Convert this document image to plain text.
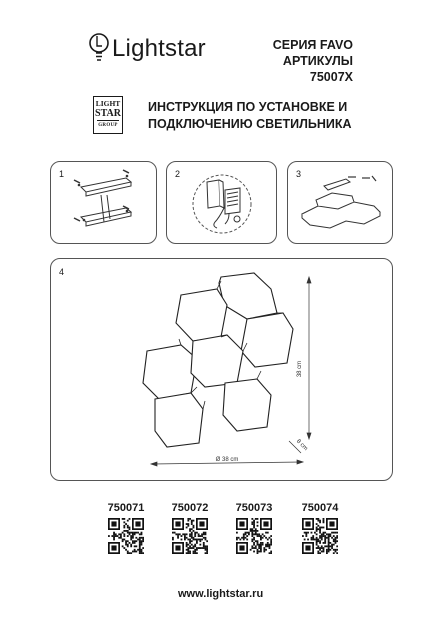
Lightstar	СЕРИЯ FAVO
АРТИКУЛЫ 75007X
LIGHT
STAR
GROUP
ИНСТРУКЦИЯ ПО УСТАНОВКЕ И
ПОДКЛЮЧЕНИЮ СВЕТИЛЬНИКА
1	2	3
4
38 cm
Ø 38 cm
8 cm
750071	750072	750073	750074
www.lightstar.ru
